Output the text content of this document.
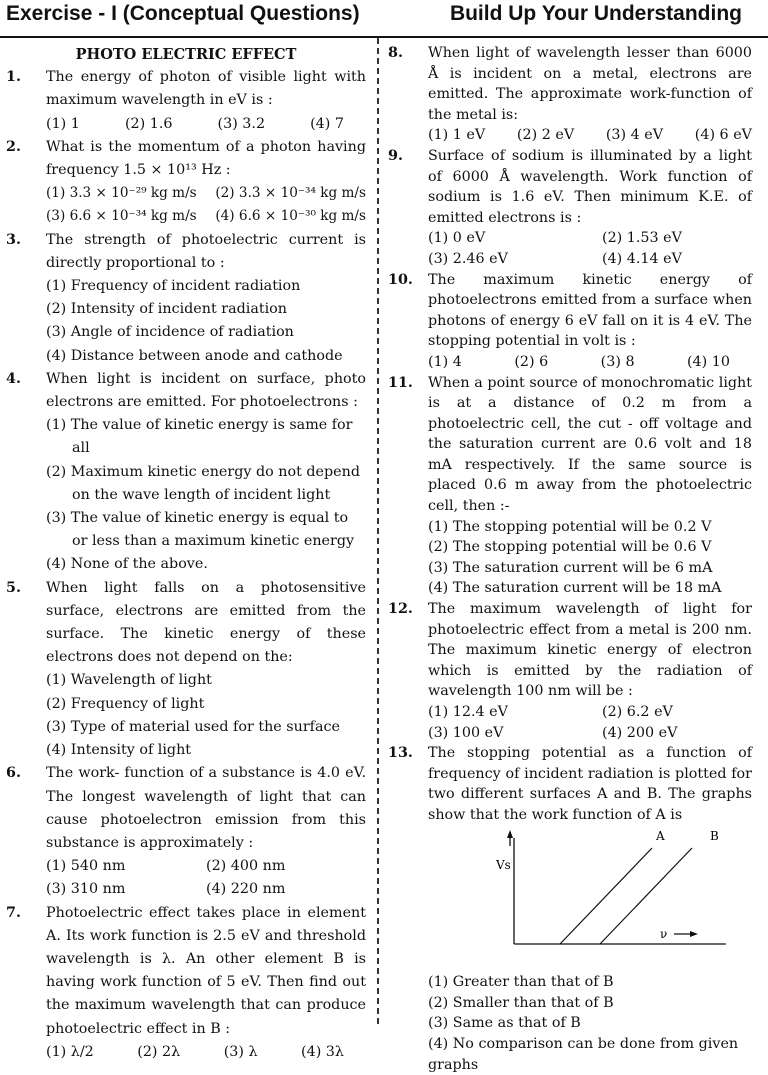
Exercise - I (Conceptual Questions)	Build Up Your Understanding
PHOTO ELECTRIC EFFECT
1. The energy of photon of visible light with maximum wavelength in eV is :
(1) 1	(2) 1.6	(3) 3.2	(4) 7
2. What is the momentum of a photon having frequency 1.5 × 10¹³ Hz :
(1) 3.3 × 10⁻²⁹ kg m/s (2) 3.3 × 10⁻³⁴ kg m/s
(3) 6.6 × 10⁻³⁴ kg m/s (4) 6.6 × 10⁻³⁰ kg m/s
3. The strength of photoelectric current is directly proportional to :
(1) Frequency of incident radiation
(2) Intensity of incident radiation
(3) Angle of incidence of radiation
(4) Distance between anode and cathode
4. When light is incident on surface, photo electrons are emitted. For photoelectrons :
(1) The value of kinetic energy is same for all
(2) Maximum kinetic energy do not depend on the wave length of incident light
(3) The value of kinetic energy is equal to or less than a maximum kinetic energy
(4) None of the above.
5. When light falls on a photosensitive surface, electrons are emitted from the surface. The kinetic energy of these electrons does not depend on the:
(1) Wavelength of light
(2) Frequency of light
(3) Type of material used for the surface
(4) Intensity of light
6. The work- function of a substance is 4.0 eV. The longest wavelength of light that can cause photoelectron emission from this substance is approximately :
(1) 540 nm	(2) 400 nm
(3) 310 nm	(4) 220 nm
7. Photoelectric effect takes place in element A. Its work function is 2.5 eV and threshold wavelength is λ. An other element B is having work function of 5 eV. Then find out the maximum wavelength that can produce photoelectric effect in B :
(1) λ/2	(2) 2λ	(3) λ	(4) 3λ
8. When light of wavelength lesser than 6000 Å is incident on a metal, electrons are emitted. The approximate work-function of the metal is:
(1) 1 eV (2) 2 eV (3) 4 eV (4) 6 eV
9. Surface of sodium is illuminated by a light of 6000 Å wavelength. Work function of sodium is 1.6 eV. Then minimum K.E. of emitted electrons is :
(1) 0 eV	(2) 1.53 eV
(3) 2.46 eV	(4) 4.14 eV
10. The maximum kinetic energy of photoelectrons emitted from a surface when photons of energy 6 eV fall on it is 4 eV. The stopping potential in volt is :
(1) 4	(2) 6	(3) 8	(4) 10
11. When a point source of monochromatic light is at a distance of 0.2 m from a photoelectric cell, the cut - off voltage and the saturation current are 0.6 volt and 18 mA respectively. If the same source is placed 0.6 m away from the photoelectric cell, then :-
(1) The stopping potential will be 0.2 V
(2) The stopping potential will be 0.6 V
(3) The saturation current will be 6 mA
(4) The saturation current will be 18 mA
12. The maximum wavelength of light for photoelectric effect from a metal is 200 nm. The maximum kinetic energy of electron which is emitted by the radiation of wavelength 100 nm will be :
(1) 12.4 eV	(2) 6.2 eV
(3) 100 eV	(4) 200 eV
13. The stopping potential as a function of frequency of incident radiation is plotted for two different surfaces A and B. The graphs show that the work function of A is
Vs
A	B
ν
(1) Greater than that of B
(2) Smaller than that of B
(3) Same as that of B
(4) No comparison can be done from given graphs
